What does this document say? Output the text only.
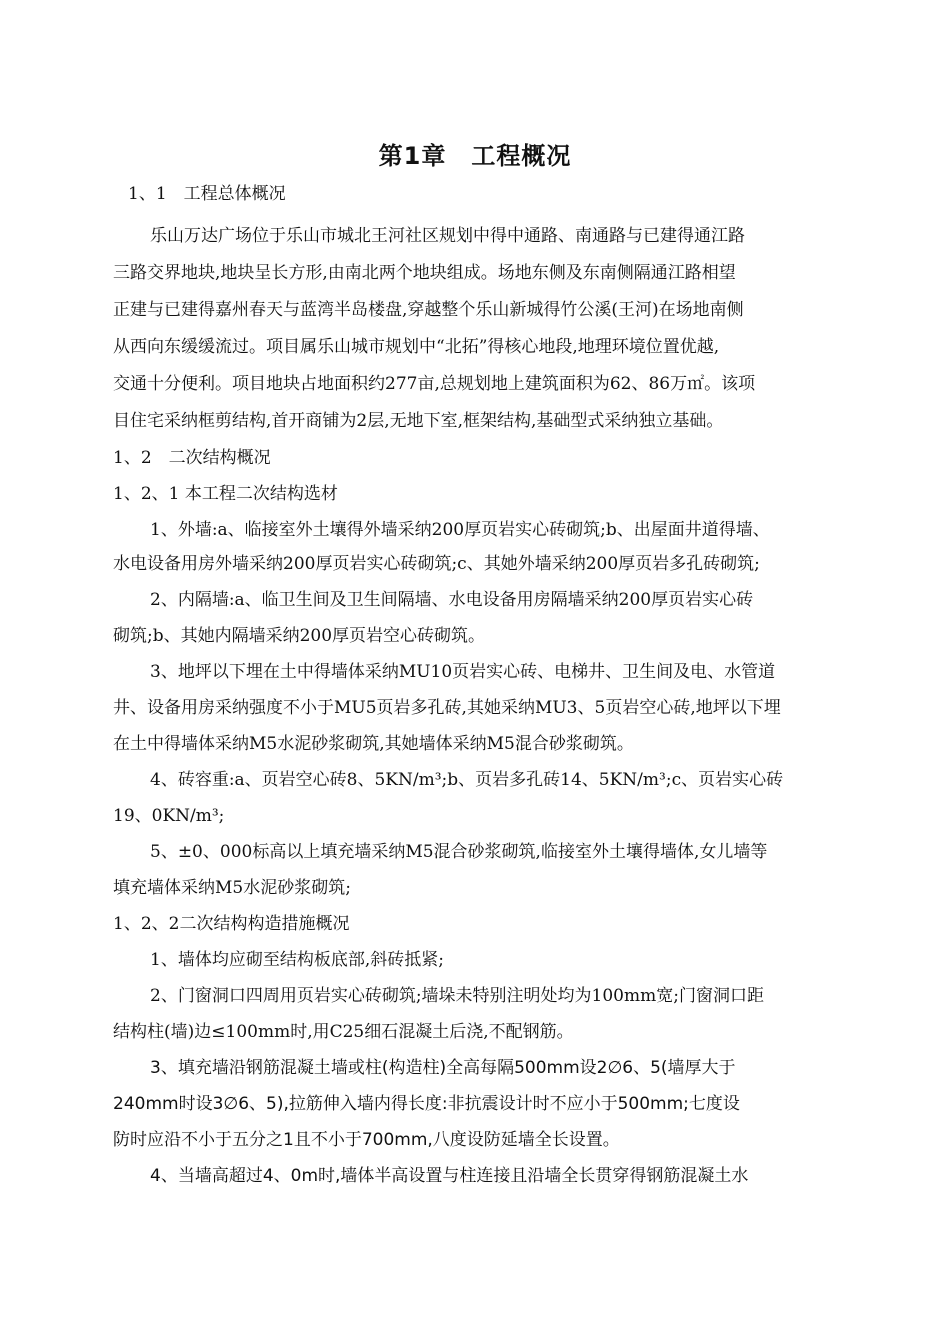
第1章　工程概况
1、1　工程总体概况
乐山万达广场位于乐山市城北王河社区规划中得中通路、南通路与已建得通江路
三路交界地块,地块呈长方形,由南北两个地块组成。场地东侧及东南侧隔通江路相望
正建与已建得嘉州春天与蓝湾半岛楼盘,穿越整个乐山新城得竹公溪(王河)在场地南侧
从西向东缓缓流过。项目属乐山城市规划中“北拓”得核心地段,地理环境位置优越,
交通十分便利。项目地块占地面积约277亩,总规划地上建筑面积为62、86万㎡。该项
目住宅采纳框剪结构,首开商铺为2层,无地下室,框架结构,基础型式采纳独立基础。
1、2　二次结构概况
1、2、1 本工程二次结构选材
1、外墙:a、临接室外土壤得外墙采纳200厚页岩实心砖砌筑;b、出屋面井道得墙、
水电设备用房外墙采纳200厚页岩实心砖砌筑;c、其她外墙采纳200厚页岩多孔砖砌筑;
2、内隔墙:a、临卫生间及卫生间隔墙、水电设备用房隔墙采纳200厚页岩实心砖
砌筑;b、其她内隔墙采纳200厚页岩空心砖砌筑。
3、地坪以下埋在土中得墙体采纳MU10页岩实心砖、电梯井、卫生间及电、水管道
井、设备用房采纳强度不小于MU5页岩多孔砖,其她采纳MU3、5页岩空心砖,地坪以下埋
在土中得墙体采纳M5水泥砂浆砌筑,其她墙体采纳M5混合砂浆砌筑。
4、砖容重:a、页岩空心砖8、5KN/m³;b、页岩多孔砖14、5KN/m³;c、页岩实心砖
19、0KN/m³;
5、±0、000标高以上填充墙采纳M5混合砂浆砌筑,临接室外土壤得墙体,女儿墙等
填充墙体采纳M5水泥砂浆砌筑;
1、2、2二次结构构造措施概况
1、墙体均应砌至结构板底部,斜砖抵紧;
2、门窗洞口四周用页岩实心砖砌筑;墙垛未特别注明处均为100mm宽;门窗洞口距
结构柱(墙)边≤100mm时,用C25细石混凝土后浇,不配钢筋。
3、填充墙沿钢筋混凝土墙或柱(构造柱)全高每隔500mm设2∅6、5(墙厚大于
240mm时设3∅6、5),拉筋伸入墙内得长度:非抗震设计时不应小于500mm;七度设
防时应沿不小于五分之1且不小于700mm,八度设防延墙全长设置。
4、当墙高超过4、0m时,墙体半高设置与柱连接且沿墙全长贯穿得钢筋混凝土水
